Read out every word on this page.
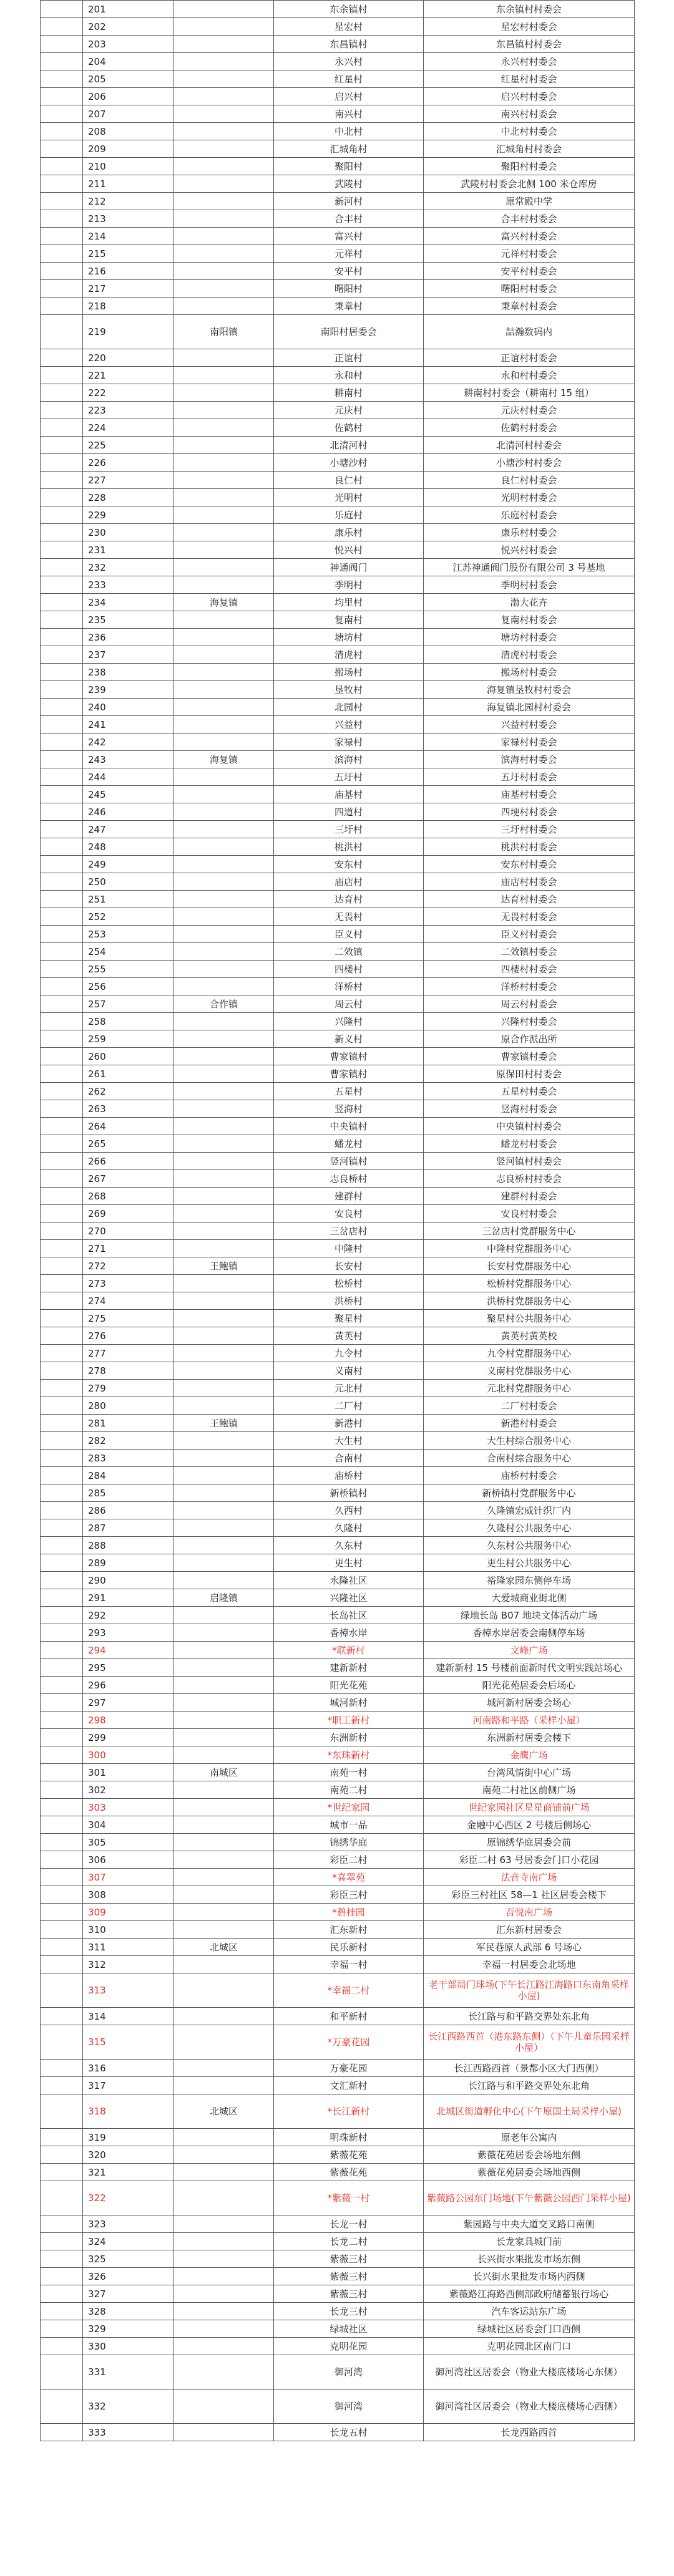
	201		东余镇村	东余镇村村委会
	202		星宏村	星宏村村委会
	203		东昌镇村	东昌镇村村委会
	204		永兴村	永兴村村委会
	205		红星村	红星村村委会
	206		启兴村	启兴村村委会
	207		南兴村	南兴村村委会
	208		中北村	中北村村委会
	209		汇城角村	汇城角村村委会
	210		聚阳村	聚阳村村委会
	211		武陵村	武陵村村委会北侧 100 米仓库房
	212		新河村	原常殿中学
	213		合丰村	合丰村村委会
	214		富兴村	富兴村村委会
	215		元祥村	元祥村村委会
	216		安平村	安平村村委会
	217		曙阳村	曙阳村村委会
	218		秉章村	秉章村村委会
	219	南阳镇	南阳村居委会	喆瀚数码内
	220		正谊村	正谊村村委会
	221		永和村	永和村村委会
	222		耕南村	耕南村村委会（耕南村 15 组）
	223		元庆村	元庆村村委会
	224		佐鹤村	佐鹤村村委会
	225		北清河村	北清河村村委会
	226		小塘沙村	小塘沙村村委会
	227		良仁村	良仁村村委会
	228		光明村	光明村村委会
	229		乐庭村	乐庭村村委会
	230		康乐村	康乐村村委会
	231		悦兴村	悦兴村村委会
	232		神通阀门	江苏神通阀门股份有限公司 3 号基地
	233		季明村	季明村村委会
	234	海复镇	均里村	渤大花卉
	235		复南村	复南村村委会
	236		塘坊村	塘坊村村委会
	237		清虎村	清虎村村委会
	238		搬场村	搬场村村委会
	239		垦牧村	海复镇垦牧村村委会
	240		北园村	海复镇北园村村委会
	241		兴益村	兴益村村委会
	242		家禄村	家禄村村委会
	243	海复镇	滨海村	滨海村村委会
	244		五圩村	五圩村村委会
	245		庙基村	庙基村村委会
	246		四道村	四埂村村委会
	247		三圩村	三圩村村委会
	248		桃洪村	桃洪村村委会
	249		安东村	安东村村委会
	250		庙店村	庙店村村委会
	251		达育村	达育村村委会
	252		无畏村	无畏村村委会
	253		臣义村	臣义村村委会
	254		二效镇	二效镇村委会
	255		四楼村	四楼村村委会
	256		洋桥村	洋桥村村委会
	257	合作镇	周云村	周云村村委会
	258		兴隆村	兴隆村村委会
	259		新义村	原合作派出所
	260		曹家镇村	曹家镇村委会
	261		曹家镇村	原保田村村委会
	262		五星村	五星村村委会
	263		竖海村	竖海村村委会
	264		中央镇村	中央镇村村委会
	265		蟠龙村	蟠龙村村委会
	266		竖河镇村	竖河镇村村委会
	267		志良桥村	志良桥村村委会
	268		建群村	建群村村委会
	269		安良村	安良村村委会
	270		三岔店村	三岔店村党群服务中心
	271		中隆村	中隆村党群服务中心
	272	王鲍镇	长安村	长安村党群服务中心
	273		松桥村	松桥村党群服务中心
	274		洪桥村	洪桥村党群服务中心
	275		聚星村	聚星村公共服务中心
	276		黄英村	黄英村黄英校
	277		九令村	九令村党群服务中心
	278		义南村	义南村党群服务中心
	279		元北村	元北村党群服务中心
	280		二厂村	二厂村村委会
	281	王鲍镇	新港村	新港村村委会
	282		大生村	大生村综合服务中心
	283		合南村	合南村综合服务中心
	284		庙桥村	庙桥村村委会
	285		新桥镇村	新桥镇村党群服务中心
	286		久西村	久隆镇宏威针织厂内
	287		久隆村	久隆村公共服务中心
	288		久东村	久东村公共服务中心
	289		更生村	更生村公共服务中心
	290		永隆社区	裕隆家园东侧停车场
	291	启隆镇	兴隆社区	大爱城商业街北侧
	292		长岛社区	绿地长岛 B07 地块文体活动广场
	293		香樟水岸	香樟水岸居委会南侧停车场
	294		*联新村	文峰广场
	295		建新新村	建新新村 15 号楼前面新时代文明实践站场心
	296		阳光花苑	阳光花苑居委会后场心
	297		城河新村	城河新村居委会场心
	298		*职工新村	河南路和平路（采样小屋）
	299		东洲新村	东洲新村居委会楼下
	300		*东珠新村	金鹰广场
	301	南城区	南苑一村	台湾风情街中心广场
	302		南苑二村	南苑二村社区前侧广场
	303		*世纪家园	世纪家园社区星星商铺前广场
	304		城市一品	金融中心西区 2 号楼后侧场心
	305		锦绣华庭	原锦绣华庭居委会前
	306		彩臣二村	彩臣二村 63 号居委会门口小花园
	307		*喜翠苑	法音寺南广场
	308		彩臣三村	彩臣三村社区 58—1 社区居委会楼下
	309		*碧桂园	吾悦南广场
	310		汇东新村	汇东新村居委会
	311	北城区	民乐新村	军民巷原人武部 6 号场心
	312		幸福一村	幸福一村居委会北场地
	313		*幸福二村	老干部局门球场(下午长江路江海路口东南角采样小屋)
	314		和平新村	长江路与和平路交界处东北角
	315		*万豪花园	长江西路西首（港东路东侧）（下午儿童乐园采样小屋）
	316		万豪花园	长江西路西首（景都小区大门西侧）
	317		文汇新村	长江路与和平路交界处东北角
	318	北城区	*长江新村	北城区街道孵化中心(下午原国土局采样小屋)
	319		明珠新村	原老年公寓内
	320		紫薇花苑	紫薇花苑居委会场地东侧
	321		紫薇花苑	紫薇花苑居委会场地西侧
	322		*紫薇一村	紫薇路公园东门场地(下午紫薇公园西门采样小屋)
	323		长龙一村	紫园路与中央大道交叉路口南侧
	324		长龙二村	长龙家具城门前
	325		紫薇三村	长兴街水果批发市场东侧
	326		紫薇三村	长兴街水果批发市场内西侧
	327		紫薇三村	紫薇路江海路西侧部政府储蓄银行场心
	328		长龙三村	汽车客运站东广场
	329		绿城社区	绿城社区居委会门口西侧
	330		克明花园	克明花园北区南门口
	331		御河湾	御河湾社区居委会（物业大楼底楼场心东侧）
	332		御河湾	御河湾社区居委会（物业大楼底楼场心西侧）
	333		长龙五村	长龙西路西首
